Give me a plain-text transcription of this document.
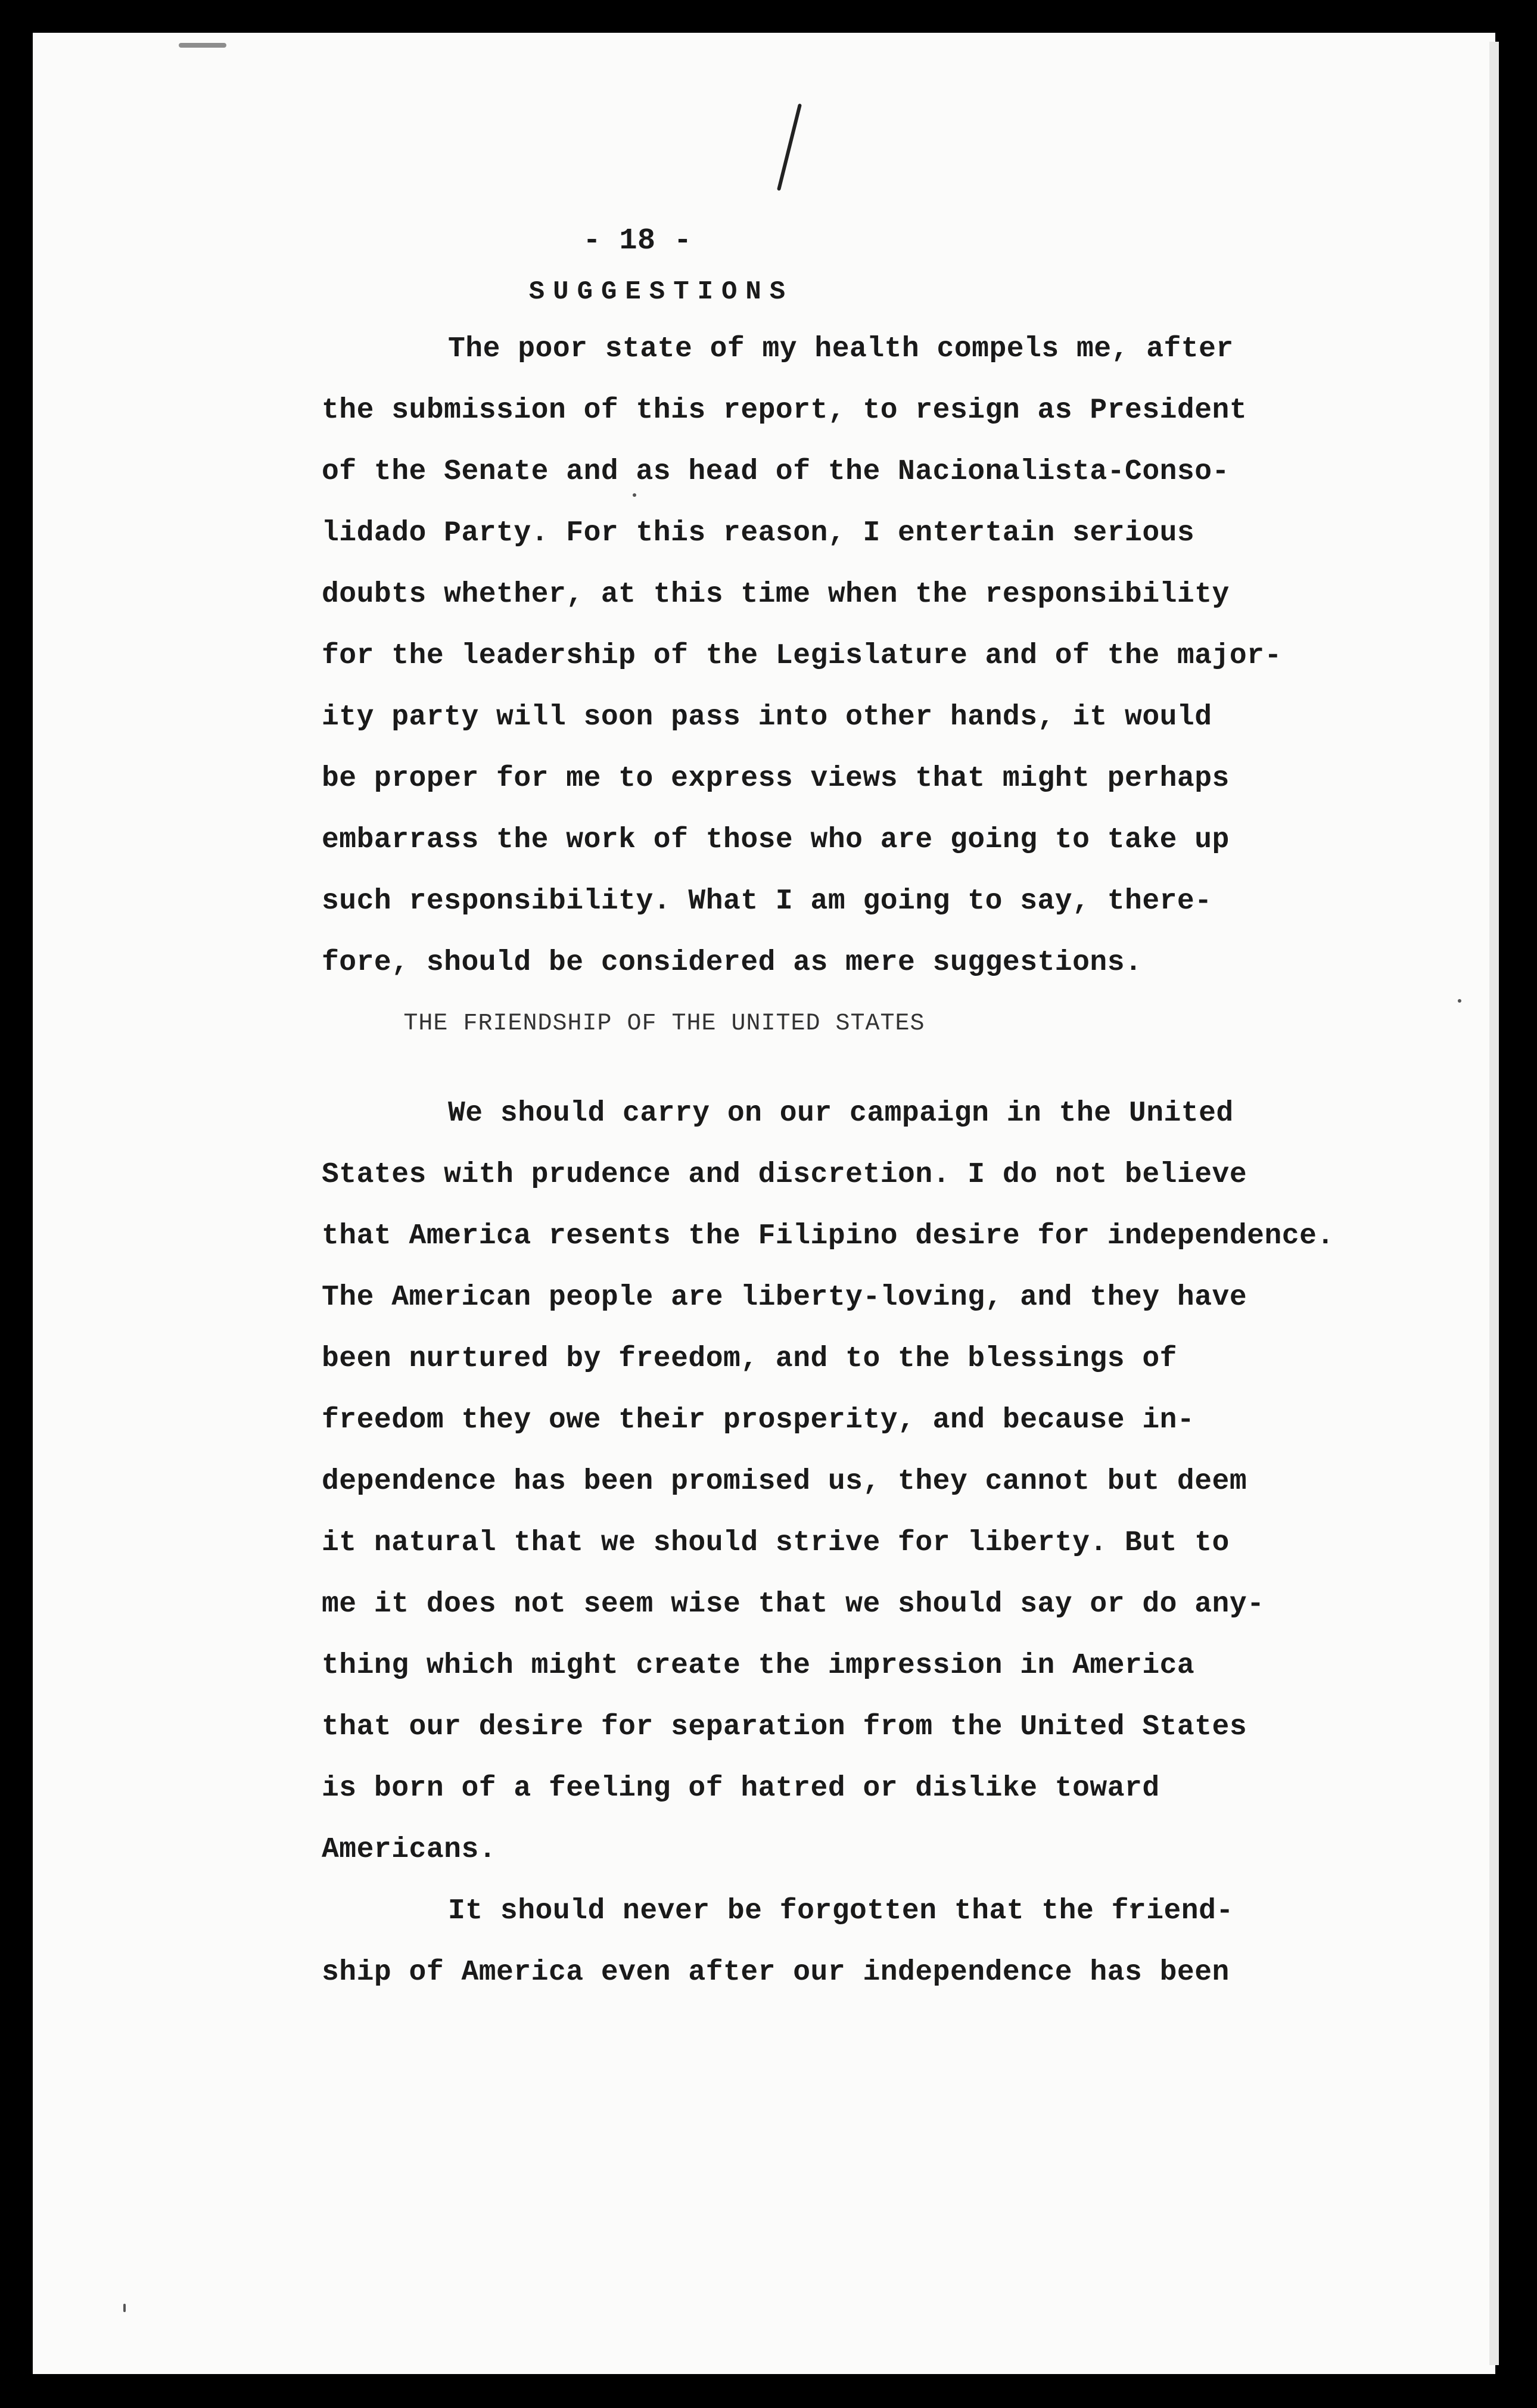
- 18 -
SUGGESTIONS

The poor state of my health compels me, after

the submission of this report, to resign as President

of the Senate and as head of the Nacionalista-Conso-

lidado Party. For this reason, I entertain serious

doubts whether, at this time when the responsibility

for the leadership of the Legislature and of the major-

ity party will soon pass into other hands, it would

be proper for me to express views that might perhaps

embarrass the work of those who are going to take up

such responsibility. What I am going to say, there-

fore, should be considered as mere suggestions.

THE FRIENDSHIP OF THE UNITED STATES

We should carry on our campaign in the United

States with prudence and discretion. I do not believe

that America resents the Filipino desire for independence.

The American people are liberty-loving, and they have

been nurtured by freedom, and to the blessings of

freedom they owe their prosperity, and because in-

dependence has been promised us, they cannot but deem

it natural that we should strive for liberty. But to

me it does not seem wise that we should say or do any-

thing which might create the impression in America

that our desire for separation from the United States

is born of a feeling of hatred or dislike toward

Americans.

It should never be forgotten that the friend-

ship of America even after our independence has been
